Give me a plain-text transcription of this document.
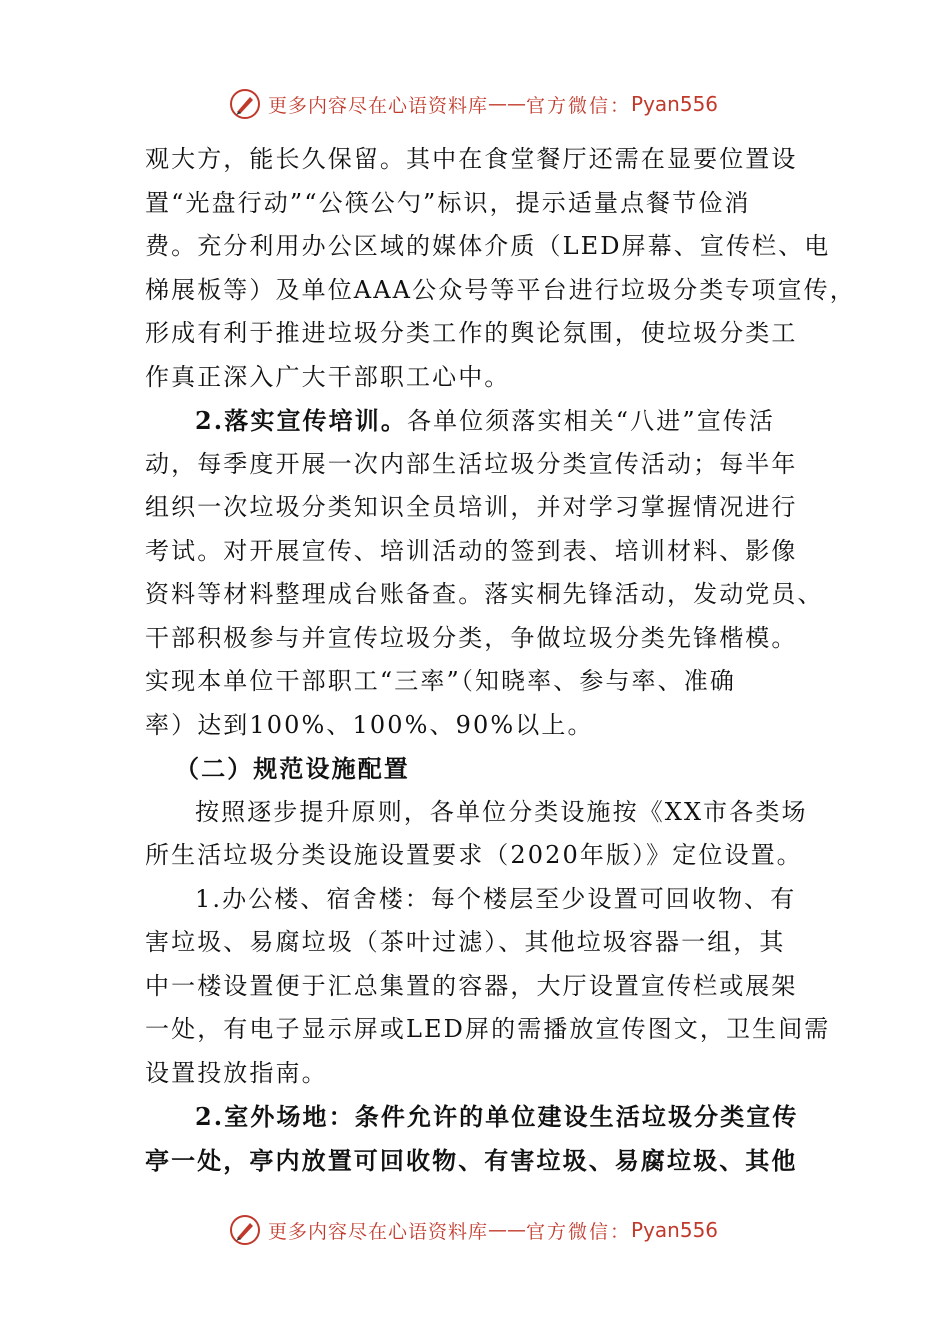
更多内容尽在心语资料库 —— 官方微信： Pyan556
观大方，能长久保留。其中在食堂餐厅还需在显要位置设
置“光盘行动”“公筷公勺”标识，提示适量点餐节俭消
费。充分利用办公区域的媒体介质（LED屏幕、宣传栏、电
梯展板等）及单位AAA公众号等平台进行垃圾分类专项宣传，
形成有利于推进垃圾分类工作的舆论氛围，使垃圾分类工
作真正深入广大干部职工心中。
2.落实宣传培训。各单位须落实相关“八进”宣传活
动，每季度开展一次内部生活垃圾分类宣传活动；每半年
组织一次垃圾分类知识全员培训，并对学习掌握情况进行
考试。对开展宣传、培训活动的签到表、培训材料、影像
资料等材料整理成台账备查。落实桐先锋活动，发动党员、
干部积极参与并宣传垃圾分类，争做垃圾分类先锋楷模。
实现本单位干部职工“三率”（知晓率、参与率、准确
率）达到100%、100%、90%以上。
（二）规范设施配置
按照逐步提升原则，各单位分类设施按《XX市各类场
所生活垃圾分类设施设置要求（2020年版）》定位设置。
1.办公楼、宿舍楼：每个楼层至少设置可回收物、有
害垃圾、易腐垃圾（茶叶过滤）、其他垃圾容器一组，其
中一楼设置便于汇总集置的容器，大厅设置宣传栏或展架
一处，有电子显示屏或LED屏的需播放宣传图文，卫生间需
设置投放指南。
2.室外场地：条件允许的单位建设生活垃圾分类宣传
亭一处，亭内放置可回收物、有害垃圾、易腐垃圾、其他
更多内容尽在心语资料库 —— 官方微信： Pyan556
